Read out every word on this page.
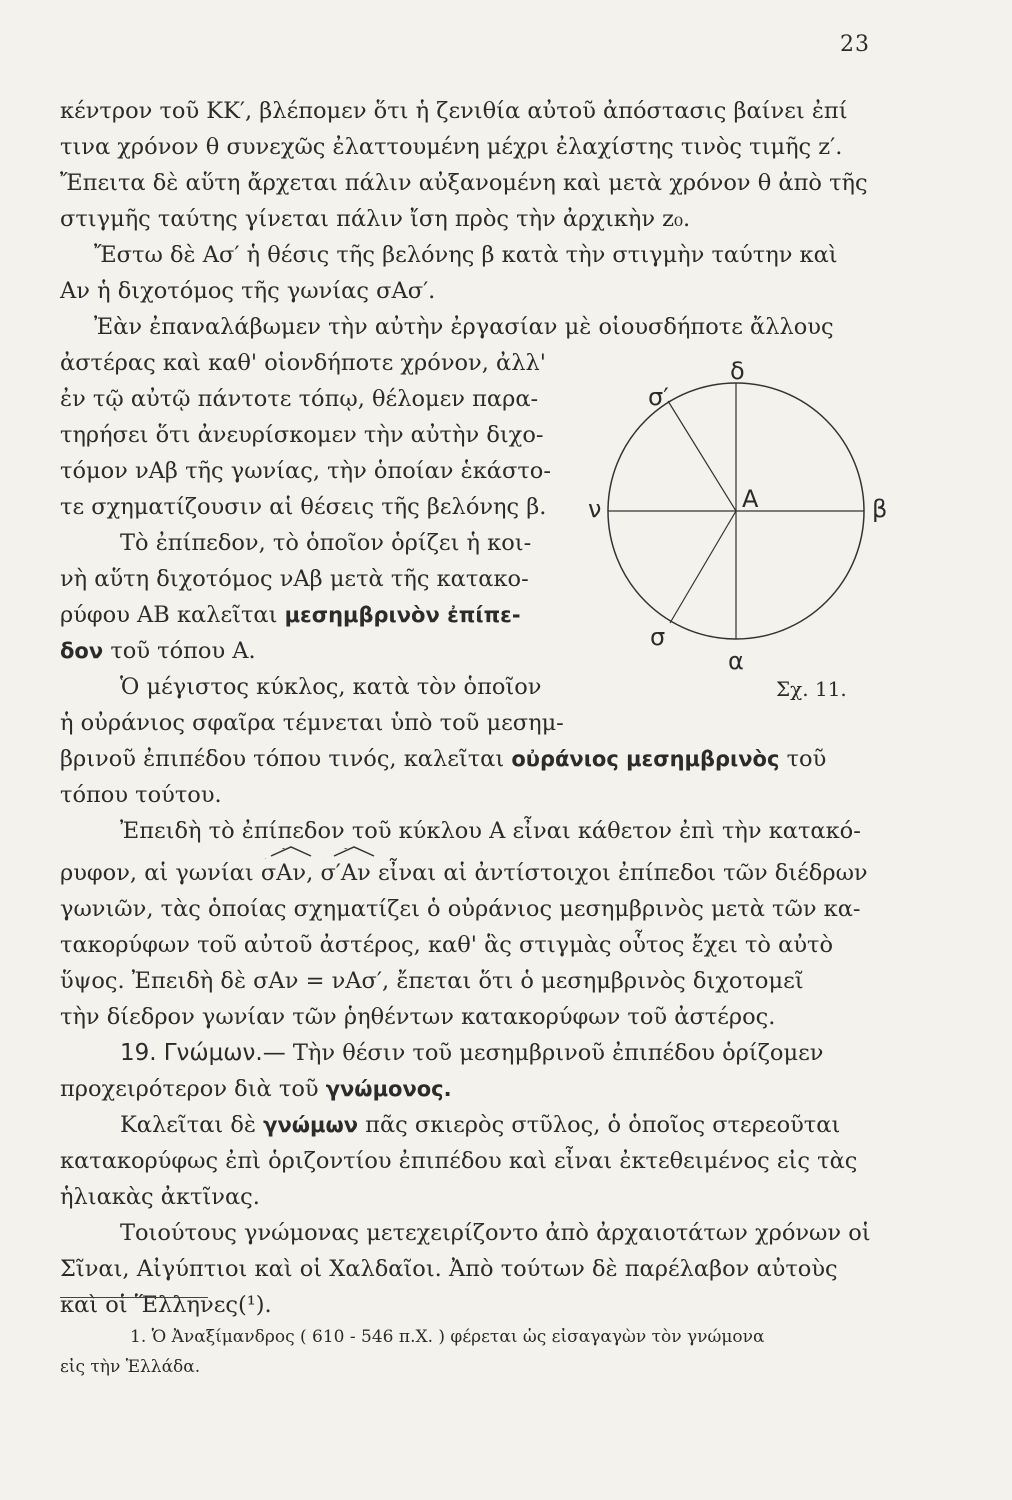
23
κέντρον τοῦ ΚΚ′, βλέπομεν ὅτι ἡ ζενιθία αὐτοῦ ἀπόστασις βαίνει ἐπί
τινα χρόνον θ συνεχῶς ἐλαττουμένη μέχρι ἐλαχίστης τινὸς τιμῆς z′.
Ἔπειτα δὲ αὕτη ἄρχεται πάλιν αὐξανομένη καὶ μετὰ χρόνον θ ἀπὸ τῆς
στιγμῆς ταύτης γίνεται πάλιν ἴση πρὸς τὴν ἀρχικὴν z₀.
Ἔστω δὲ Ασ′ ἡ θέσις τῆς βελόνης β κατὰ τὴν στιγμὴν ταύτην καὶ
Αν ἡ διχοτόμος τῆς γωνίας σΑσ′.
Ἐὰν ἐπαναλάβωμεν τὴν αὐτὴν ἐργασίαν μὲ οἱουσδήποτε ἄλλους
ἀστέρας καὶ καθ' οἱονδήποτε χρόνον, ἀλλ'
ἐν τῷ αὐτῷ πάντοτε τόπῳ, θέλομεν παρα-
τηρήσει ὅτι ἀνευρίσκομεν τὴν αὐτὴν διχο-
τόμον νΑβ τῆς γωνίας, τὴν ὁποίαν ἑκάστο-
τε σχηματίζουσιν αἱ θέσεις τῆς βελόνης β.
Τὸ ἐπίπεδον, τὸ ὁποῖον ὁρίζει ἡ κοι-
νὴ αὕτη διχοτόμος νΑβ μετὰ τῆς κατακο-
ρύφου ΑΒ καλεῖται μεσημβρινὸν ἐπίπε-
δον τοῦ τόπου Α.
Ὁ μέγιστος κύκλος, κατὰ τὸν ὁποῖον
ἡ οὐράνιος σφαῖρα τέμνεται ὑπὸ τοῦ μεσημ-
βρινοῦ ἐπιπέδου τόπου τινός, καλεῖται οὐράνιος μεσημβρινὸς τοῦ
τόπου τούτου.
Ἐπειδὴ τὸ ἐπίπεδον τοῦ κύκλου Α εἶναι κάθετον ἐπὶ τὴν κατακό-
ρυφον, αἱ γωνίαι σΑν,
σ′Αν εἶναι αἱ ἀντίστοιχοι ἐπίπεδοι τῶν διέδρων
γωνιῶν, τὰς ὁποίας σχηματίζει ὁ οὐράνιος μεσημβρινὸς μετὰ τῶν κα-
τακορύφων τοῦ αὐτοῦ ἀστέρος, καθ' ἃς στιγμὰς οὗτος ἔχει τὸ αὐτὸ
ὕψος. Ἐπειδὴ δὲ σΑν = νΑσ′, ἔπεται ὅτι ὁ μεσημβρινὸς διχοτομεῖ
τὴν δίεδρον γωνίαν τῶν ῥηθέντων κατακορύφων τοῦ ἀστέρος.
19. Γνώμων.— Τὴν θέσιν τοῦ μεσημβρινοῦ ἐπιπέδου ὁρίζομεν
προχειρότερον διὰ τοῦ γνώμονος.
Καλεῖται δὲ γνώμων πᾶς σκιερὸς στῦλος, ὁ ὁποῖος στερεοῦται
κατακορύφως ἐπὶ ὁριζοντίου ἐπιπέδου καὶ εἶναι ἐκτεθειμένος εἰς τὰς
ἡλιακὰς ἀκτῖνας.
Τοιούτους γνώμονας μετεχειρίζοντο ἀπὸ ἀρχαιοτάτων χρόνων οἱ
Σῖναι, Αἰγύπτιοι καὶ οἱ Χαλδαῖοι. Ἀπὸ τούτων δὲ παρέλαβον αὐτοὺς
καὶ οἱ Ἕλληνες(¹).
δ
σ′
Α
ν	β
σ
α
Σχ. 11.
1. Ὁ Ἀναξίμανδρος ( 610 - 546 π.Χ. ) φέρεται ὡς εἰσαγαγὼν τὸν γνώμονα
εἰς τὴν Ἑλλάδα.
